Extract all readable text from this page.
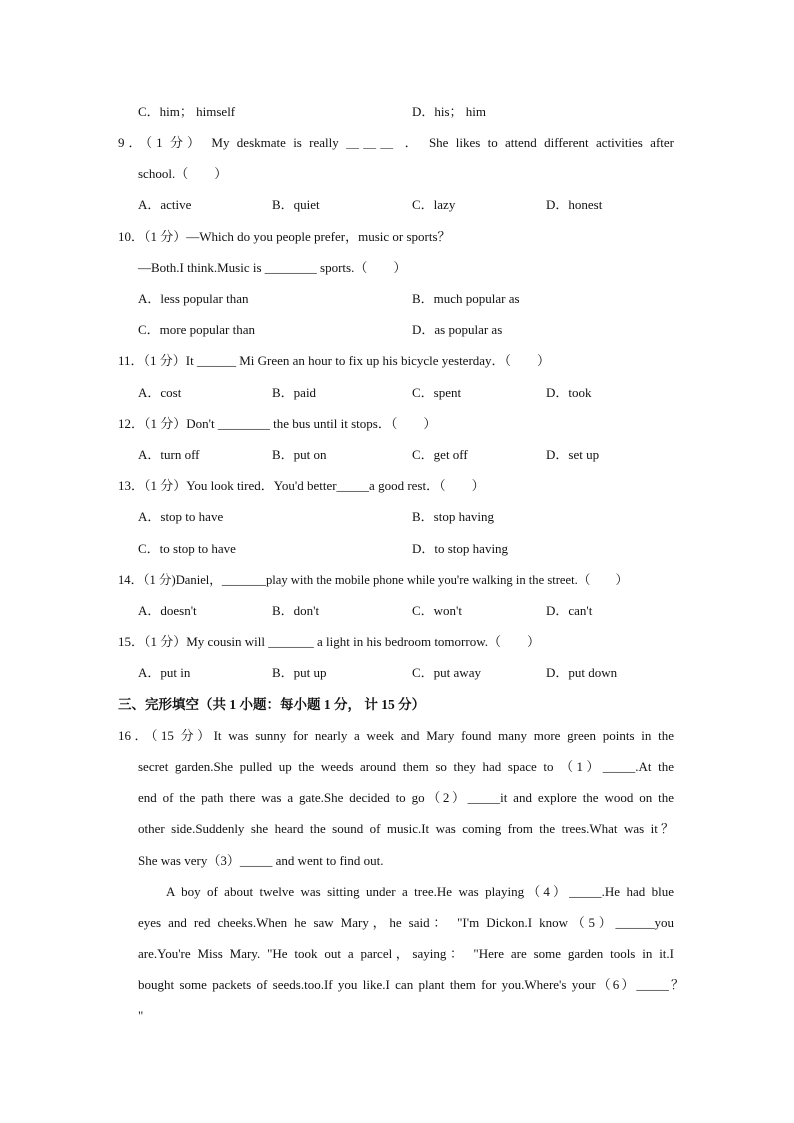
C．him； himself	D．his； him
9．（1 分） My deskmate is really ＿＿＿ ． She likes to attend different activities after
school.（　　）
A．active	B．quiet	C．lazy	D．honest
10．（1 分）—Which do you people prefer，music or sports？
—Both.I think.Music is ________ sports.（　　）
A．less popular than	B．much popular as
C．more popular than	D．as popular as
11．（1 分）It ______ Mi Green an hour to fix up his bicycle yesterday．（　　）
A．cost	B．paid	C．spent	D．took
12．（1 分）Don't ________ the bus until it stops．（　　）
A．turn off	B．put on	C．get off	D．set up
13．（1 分）You look tired．You'd better_____a good rest．（　　）
A．stop to have	B．stop having
C．to stop to have	D．to stop having
14．（1 分)Daniel，_______play with the mobile phone while you're walking in the street.（　　）
A．doesn't	B．don't	C．won't	D．can't
15．（1 分）My cousin will _______ a light in his bedroom tomorrow.（　　）
A．put in	B．put up	C．put away	D．put down
三、完形填空（共 1 小题：每小题 1 分， 计 15 分）
16．（15 分）It was sunny for nearly a week and Mary found many more green points in the
secret garden.She pulled up the weeds around them so they had space to （1）_____.At the
end of the path there was a gate.She decided to go（2）_____it and explore the wood on the
other side.Suddenly she heard the sound of music.It was coming from the trees.What was it？
She was very（3）_____ and went to find out.
A boy of about twelve was sitting under a tree.He was playing（4）_____.He had blue
eyes and red cheeks.When he saw Mary，he said： "I'm Dickon.I know（5）______you
are.You're Miss Mary. "He took out a parcel，saying： "Here are some garden tools in it.I
bought some packets of seeds.too.If you like.I can plant them for you.Where's your（6）_____？
"
